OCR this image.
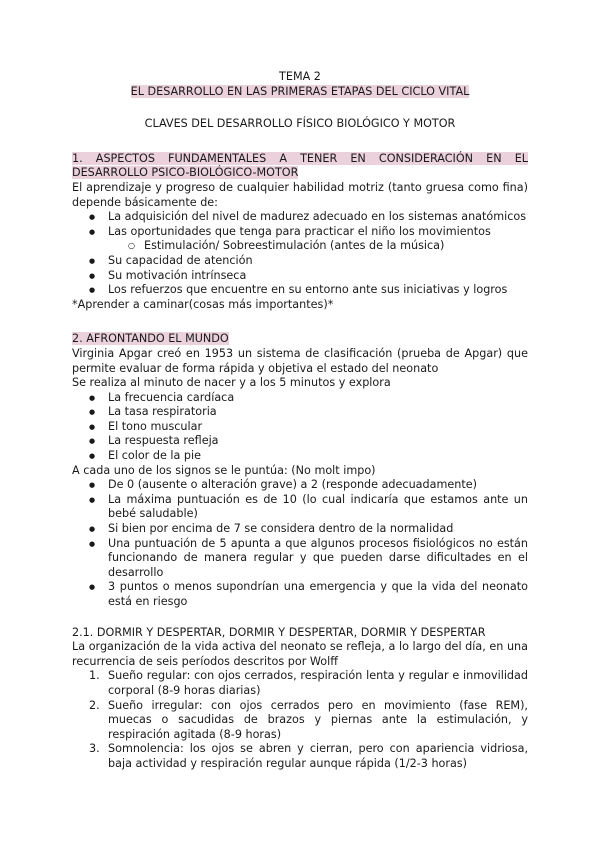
TEMA 2
EL DESARROLLO EN LAS PRIMERAS ETAPAS DEL CICLO VITAL
CLAVES DEL DESARROLLO FÍSICO BIOLÓGICO Y MOTOR
1. ASPECTOS FUNDAMENTALES A TENER EN CONSIDERACIÓN EN EL DESARROLLO PSICO-BIOLÓGICO-MOTOR

El aprendizaje y progreso de cualquier habilidad motriz (tanto gruesa como fina) depende básicamente de:

● La adquisición del nivel de madurez adecuado en los sistemas anatómicos
● Las oportunidades que tenga para practicar el niño los movimientos
○ Estimulación/ Sobreestimulación (antes de la música)
● Su capacidad de atención
● Su motivación intrínseca
● Los refuerzos que encuentre en su entorno ante sus iniciativas y logros

*Aprender a caminar(cosas más importantes)*

2. AFRONTANDO EL MUNDO

Virginia Apgar creó en 1953 un sistema de clasificación (prueba de Apgar) que permite evaluar de forma rápida y objetiva el estado del neonato

Se realiza al minuto de nacer y a los 5 minutos y explora

● La frecuencia cardíaca
● La tasa respiratoria
● El tono muscular
● La respuesta refleja
● El color de la pie

A cada uno de los signos se le puntúa: (No molt impo)

● De 0 (ausente o alteración grave) a 2 (responde adecuadamente)
● La máxima puntuación es de 10 (lo cual indicaría que estamos ante un bebé saludable)
● Si bien por encima de 7 se considera dentro de la normalidad
● Una puntuación de 5 apunta a que algunos procesos fisiológicos no están funcionando de manera regular y que pueden darse dificultades en el desarrollo
● 3 puntos o menos supondrían una emergencia y que la vida del neonato está en riesgo
2.1. DORMIR Y DESPERTAR, DORMIR Y DESPERTAR, DORMIR Y DESPERTAR

La organización de la vida activa del neonato se refleja, a lo largo del día, en una recurrencia de seis períodos descritos por Wolff

1. Sueño regular: con ojos cerrados, respiración lenta y regular e inmovilidad corporal (8-9 horas diarias)
2. Sueño irregular: con ojos cerrados pero en movimiento (fase REM), muecas o sacudidas de brazos y piernas ante la estimulación, y respiración agitada (8-9 horas)
3. Somnolencia: los ojos se abren y cierran, pero con apariencia vidriosa, baja actividad y respiración regular aunque rápida (1/2-3 horas)
